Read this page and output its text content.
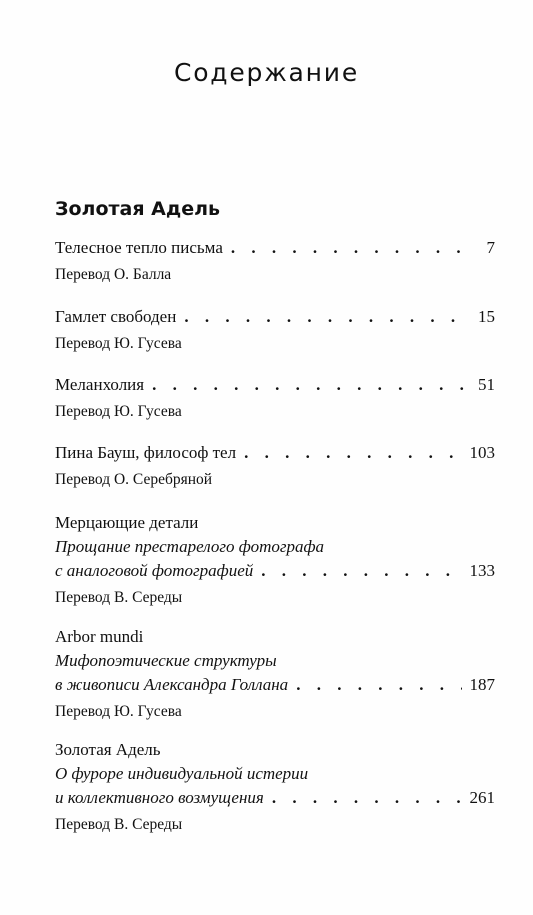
Содержание
Золотая Адель
Телесное тепло письма . . .	7
Перевод О. Балла
Гамлет свободен . . .	15
Перевод Ю. Гусева
Меланхолия . . .	51
Перевод Ю. Гусева
Пина Бауш, философ тел . . .	103
Перевод О. Серебряной
Мерцающие детали
Прощание престарелого фотографа
с аналоговой фотографией . . .	133
Перевод В. Середы
Arbor mundi
Мифопоэтические структуры
в живописи Александра Голлана . . .	187
Перевод Ю. Гусева
Золотая Адель
О фуроре индивидуальной истерии
и коллективного возмущения . . .	261
Перевод В. Середы
